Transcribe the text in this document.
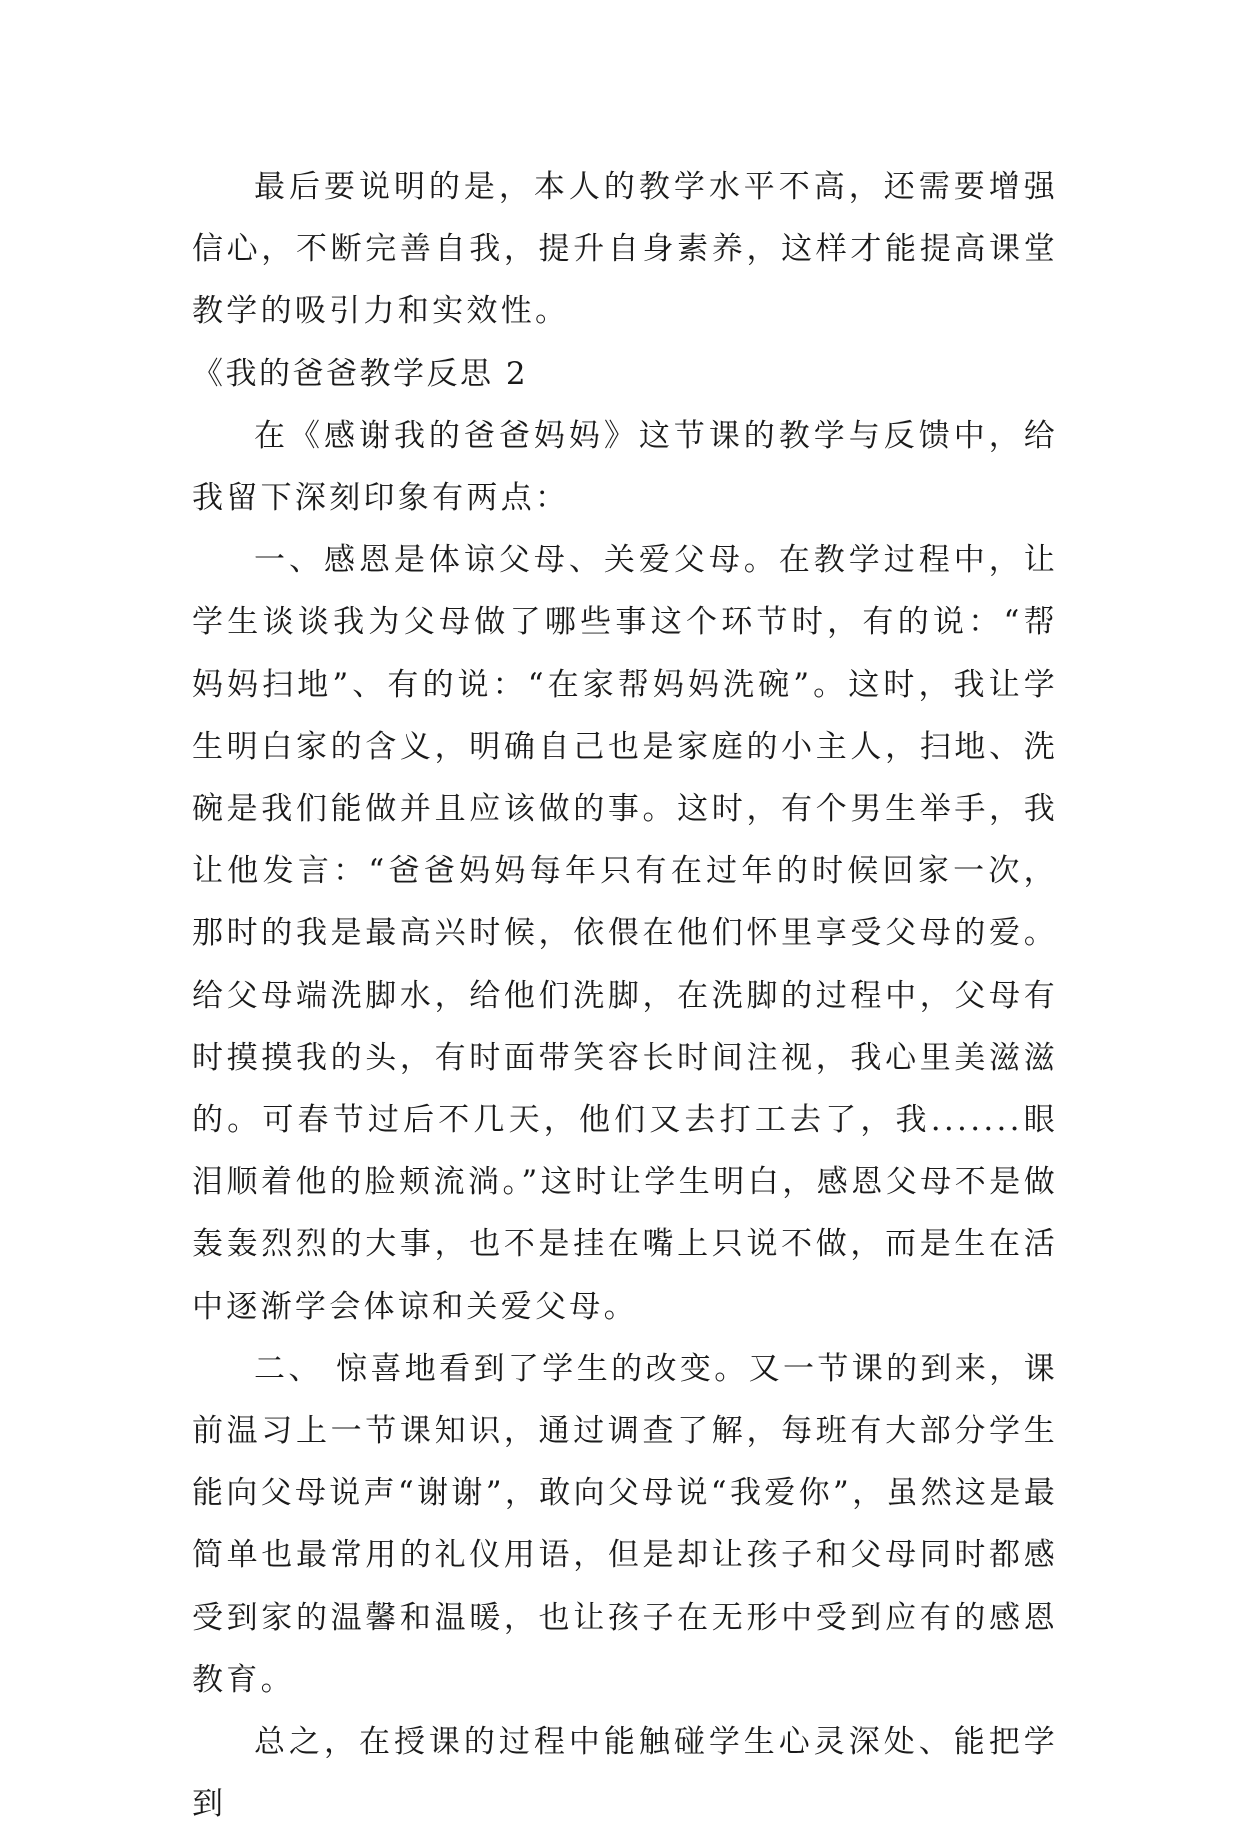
最后要说明的是，本人的教学水平不高，还需要增强信心，不断完善自我，提升自身素养，这样才能提高课堂教学的吸引力和实效性。

《我的爸爸教学反思 2

在《感谢我的爸爸妈妈》这节课的教学与反馈中，给我留下深刻印象有两点：

一、感恩是体谅父母、关爱父母。在教学过程中，让学生谈谈我为父母做了哪些事这个环节时，有的说：“帮妈妈扫地”、有的说：“在家帮妈妈洗碗”。这时，我让学生明白家的含义，明确自己也是家庭的小主人，扫地、洗碗是我们能做并且应该做的事。这时，有个男生举手，我让他发言：“爸爸妈妈每年只有在过年的时候回家一次，那时的我是最高兴时候，依偎在他们怀里享受父母的爱。给父母端洗脚水，给他们洗脚，在洗脚的过程中，父母有时摸摸我的头，有时面带笑容长时间注视，我心里美滋滋的。可春节过后不几天，他们又去打工去了，我.......眼泪顺着他的脸颊流淌。”这时让学生明白，感恩父母不是做轰轰烈烈的大事，也不是挂在嘴上只说不做，而是生在活中逐渐学会体谅和关爱父母。

二、 惊喜地看到了学生的改变。又一节课的到来，课前温习上一节课知识，通过调查了解，每班有大部分学生能向父母说声“谢谢”，敢向父母说“我爱你”，虽然这是最简单也最常用的礼仪用语，但是却让孩子和父母同时都感受到家的温馨和温暖，也让孩子在无形中受到应有的感恩教育。

总之，在授课的过程中能触碰学生心灵深处、能把学到
